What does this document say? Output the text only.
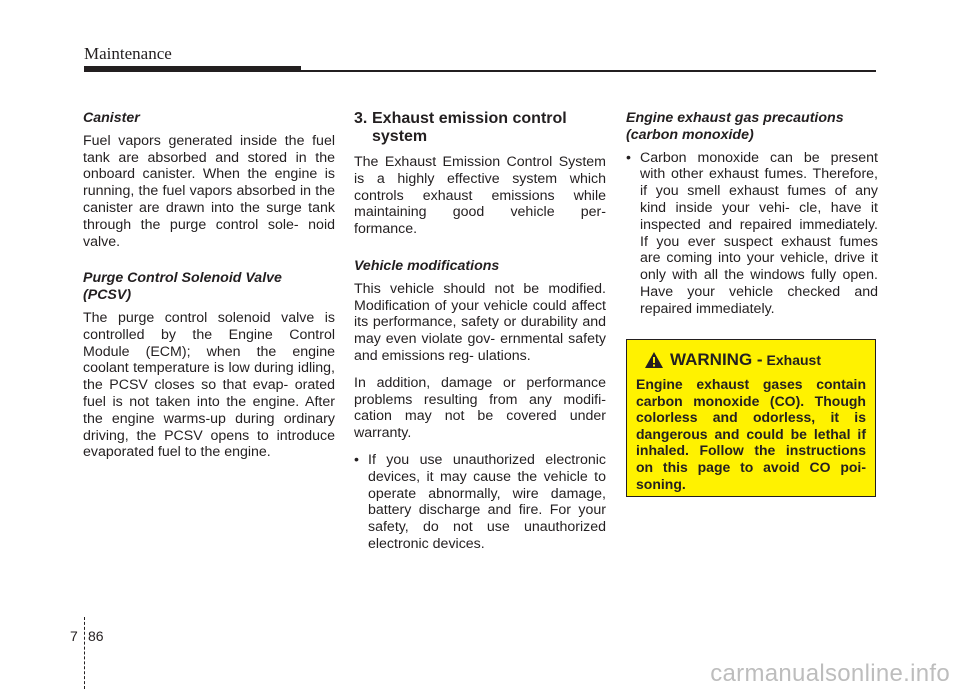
Maintenance
Canister

Fuel vapors generated inside the fuel tank are absorbed and stored in the onboard canister. When the engine is running, the fuel vapors absorbed in the canister are drawn into the surge tank through the purge control sole- noid valve.

Purge Control Solenoid Valve
(PCSV)

The purge control solenoid valve is controlled by the Engine Control Module (ECM); when the engine coolant temperature is low during idling, the PCSV closes so that evap- orated fuel is not taken into the engine. After the engine warms-up during ordinary driving, the PCSV opens to introduce evaporated fuel to the engine.

3. Exhaust emission control
system

The Exhaust Emission Control System is a highly effective system which controls exhaust emissions while maintaining good vehicle per- formance.

Vehicle modifications

This vehicle should not be modified. Modification of your vehicle could affect its performance, safety or durability and may even violate gov- ernmental safety and emissions reg- ulations.

In addition, damage or performance problems resulting from any modifi- cation may not be covered under warranty.

• If you use unauthorized electronic devices, it may cause the vehicle to operate abnormally, wire damage, battery discharge and fire. For your safety, do not use unauthorized electronic devices.
Engine exhaust gas precautions
(carbon monoxide)
• Carbon monoxide can be present with other exhaust fumes. Therefore, if you smell exhaust fumes of any kind inside your vehi- cle, have it inspected and repaired immediately. If you ever suspect exhaust fumes are coming into your vehicle, drive it only with all the windows fully open. Have your vehicle checked and repaired immediately.
WARNING - Exhaust
Engine exhaust gases contain carbon monoxide (CO). Though colorless and odorless, it is dangerous and could be lethal if inhaled. Follow the instructions on this page to avoid CO poi- soning.
7 86
carmanualsonline.info
